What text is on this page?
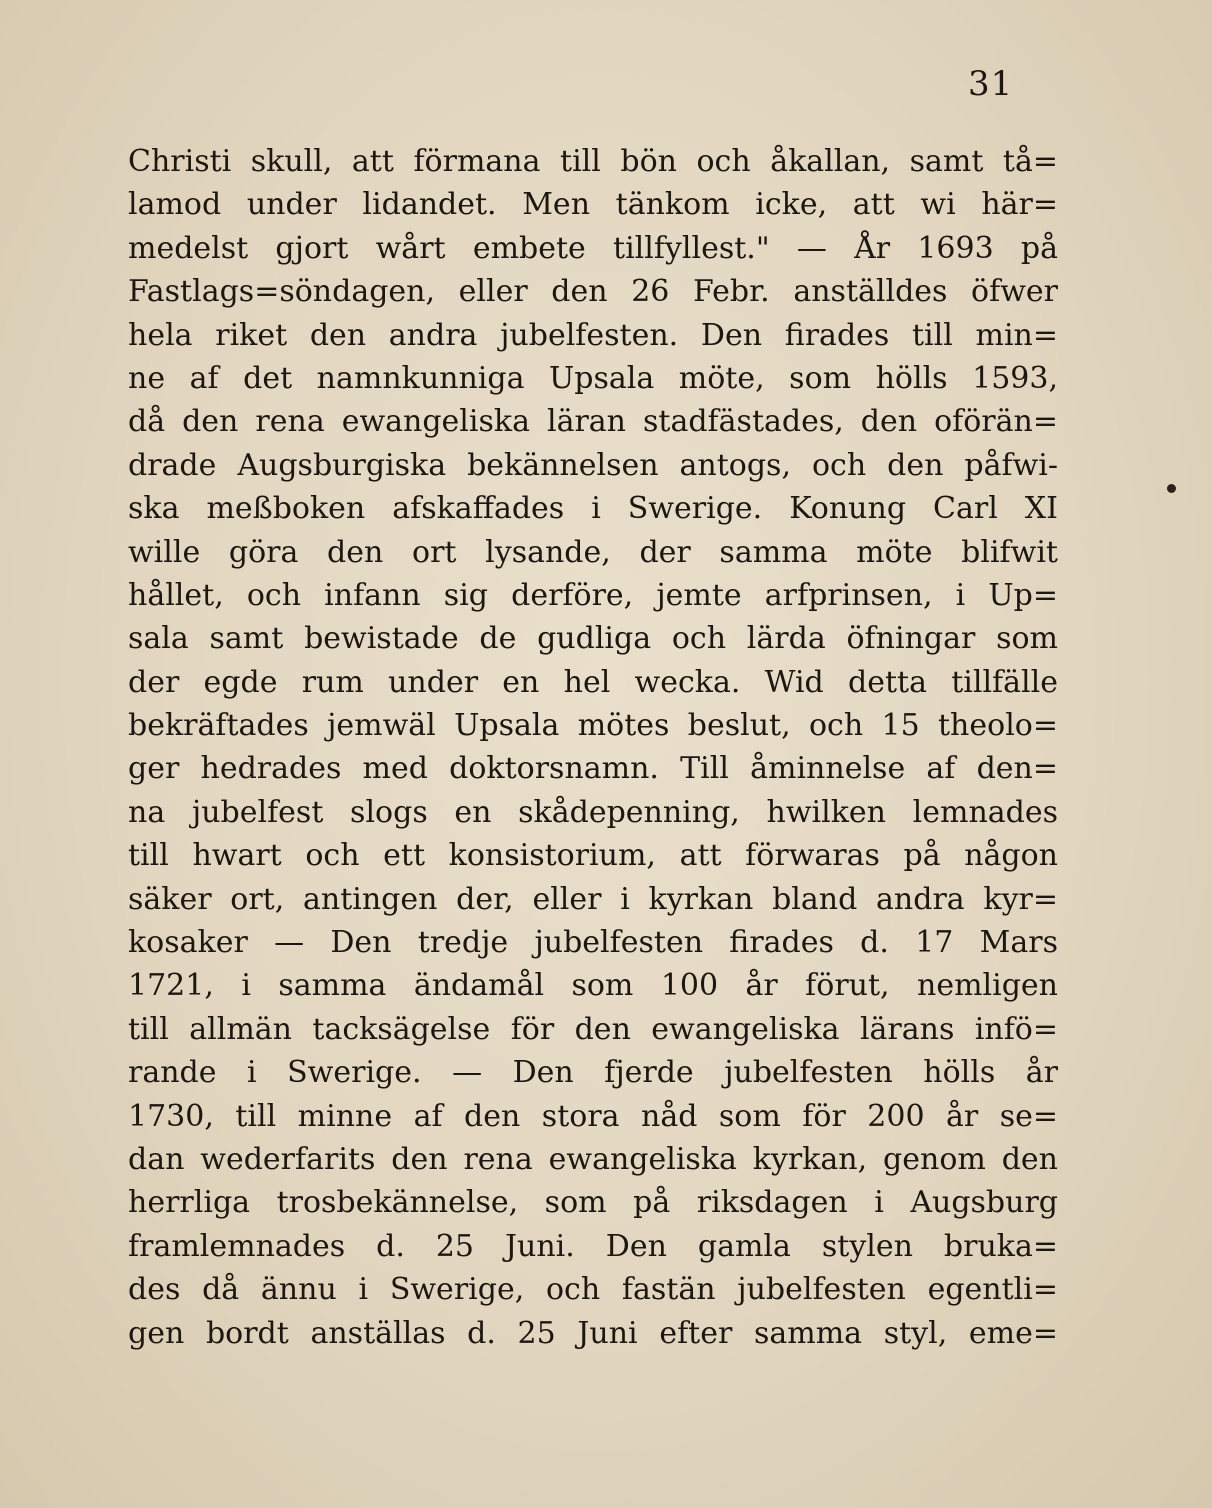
31
Christi skull, att förmana till bön och åkallan, samt tå=
lamod under lidandet. Men tänkom icke, att wi här=
medelst gjort wårt embete tillfyllest." — År 1693 på
Fastlags=söndagen, eller den 26 Febr. anställdes öfwer
hela riket den andra jubelfesten. Den firades till min=
ne af det namnkunniga Upsala möte, som hölls 1593,
då den rena ewangeliska läran stadfästades, den oförän=
drade Augsburgiska bekännelsen antogs, och den påfwi-
ska meßboken afskaffades i Swerige. Konung Carl XI
wille göra den ort lysande, der samma möte blifwit
hållet, och infann sig derföre, jemte arfprinsen, i Up=
sala samt bewistade de gudliga och lärda öfningar som
der egde rum under en hel wecka. Wid detta tillfälle
bekräftades jemwäl Upsala mötes beslut, och 15 theolo=
ger hedrades med doktorsnamn. Till åminnelse af den=
na jubelfest slogs en skådepenning, hwilken lemnades
till hwart och ett konsistorium, att förwaras på någon
säker ort, antingen der, eller i kyrkan bland andra kyr=
kosaker — Den tredje jubelfesten firades d. 17 Mars
1721, i samma ändamål som 100 år förut, nemligen
till allmän tacksägelse för den ewangeliska lärans infö=
rande i Swerige. — Den fjerde jubelfesten hölls år
1730, till minne af den stora nåd som för 200 år se=
dan wederfarits den rena ewangeliska kyrkan, genom den
herrliga trosbekännelse, som på riksdagen i Augsburg
framlemnades d. 25 Juni. Den gamla stylen bruka=
des då ännu i Swerige, och fastän jubelfesten egentli=
gen bordt anställas d. 25 Juni efter samma styl, eme=
